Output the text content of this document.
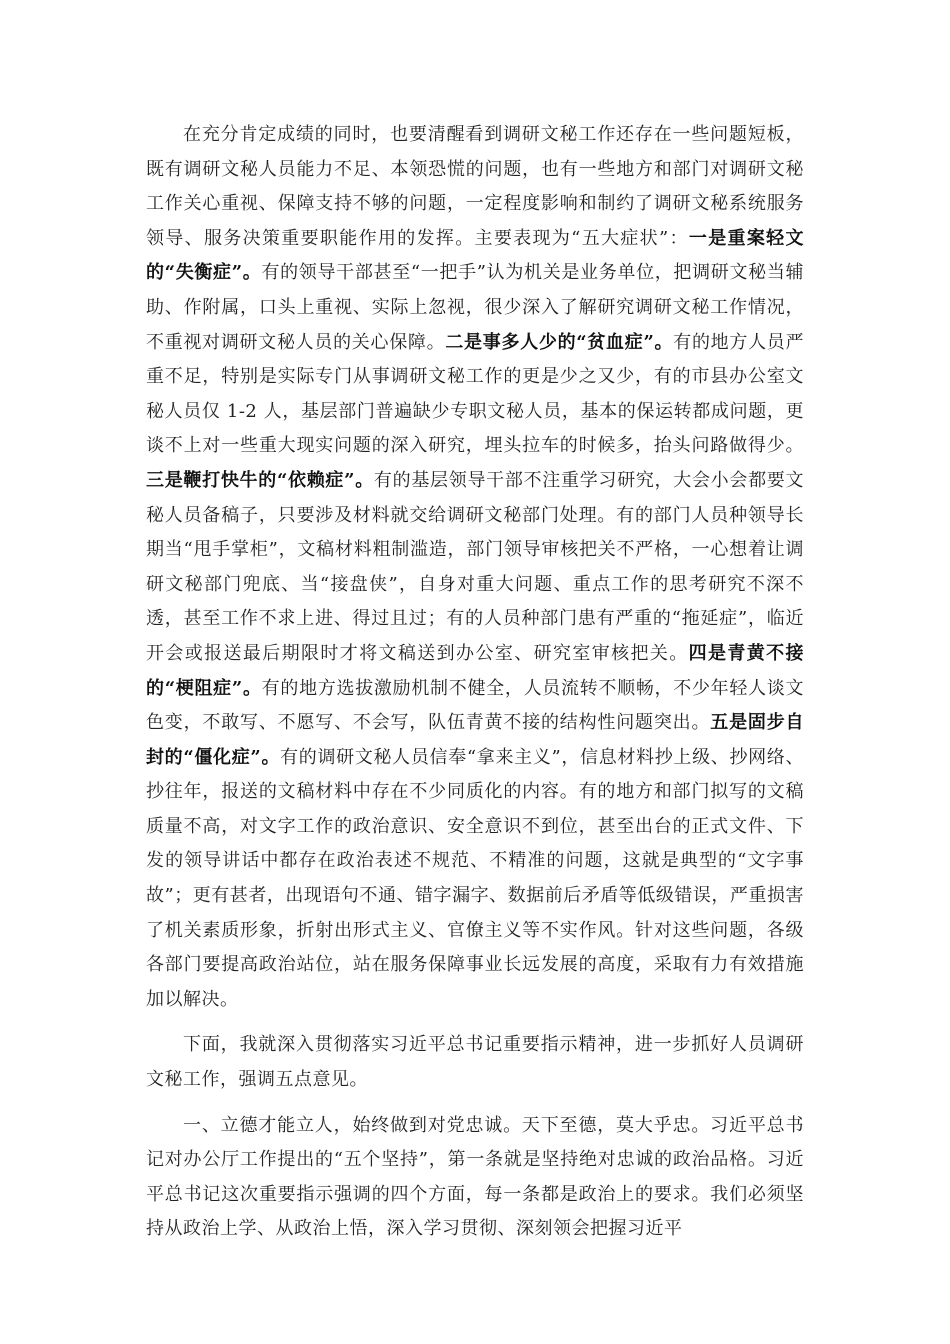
在充分肯定成绩的同时，也要清醒看到调研文秘工作还存在一些问题短板，既有调研文秘人员能力不足、本领恐慌的问题，也有一些地方和部门对调研文秘工作关心重视、保障支持不够的问题，一定程度影响和制约了调研文秘系统服务领导、服务决策重要职能作用的发挥。主要表现为“五大症状”：一是重案轻文的“失衡症”。有的领导干部甚至“一把手”认为机关是业务单位，把调研文秘当辅助、作附属，口头上重视、实际上忽视，很少深入了解研究调研文秘工作情况，不重视对调研文秘人员的关心保障。二是事多人少的“贫血症”。有的地方人员严重不足，特别是实际专门从事调研文秘工作的更是少之又少，有的市县办公室文秘人员仅 1-2 人，基层部门普遍缺少专职文秘人员，基本的保运转都成问题，更谈不上对一些重大现实问题的深入研究，埋头拉车的时候多，抬头问路做得少。三是鞭打快牛的“依赖症”。有的基层领导干部不注重学习研究，大会小会都要文秘人员备稿子，只要涉及材料就交给调研文秘部门处理。有的部门人员种领导长期当“甩手掌柜”，文稿材料粗制滥造，部门领导审核把关不严格，一心想着让调研文秘部门兜底、当“接盘侠”，自身对重大问题、重点工作的思考研究不深不透，甚至工作不求上进、得过且过；有的人员种部门患有严重的“拖延症”，临近开会或报送最后期限时才将文稿送到办公室、研究室审核把关。四是青黄不接的“梗阻症”。有的地方选拔激励机制不健全，人员流转不顺畅，不少年轻人谈文色变，不敢写、不愿写、不会写，队伍青黄不接的结构性问题突出。五是固步自封的“僵化症”。有的调研文秘人员信奉“拿来主义”，信息材料抄上级、抄网络、抄往年，报送的文稿材料中存在不少同质化的内容。有的地方和部门拟写的文稿质量不高，对文字工作的政治意识、安全意识不到位，甚至出台的正式文件、下发的领导讲话中都存在政治表述不规范、不精准的问题，这就是典型的“文字事故”；更有甚者，出现语句不通、错字漏字、数据前后矛盾等低级错误，严重损害了机关素质形象，折射出形式主义、官僚主义等不实作风。针对这些问题，各级各部门要提高政治站位，站在服务保障事业长远发展的高度，采取有力有效措施加以解决。

下面，我就深入贯彻落实习近平总书记重要指示精神，进一步抓好人员调研文秘工作，强调五点意见。

一、立德才能立人，始终做到对党忠诚。天下至德，莫大乎忠。习近平总书记对办公厅工作提出的“五个坚持”，第一条就是坚持绝对忠诚的政治品格。习近平总书记这次重要指示强调的四个方面，每一条都是政治上的要求。我们必须坚持从政治上学、从政治上悟，深入学习贯彻、深刻领会把握习近平
